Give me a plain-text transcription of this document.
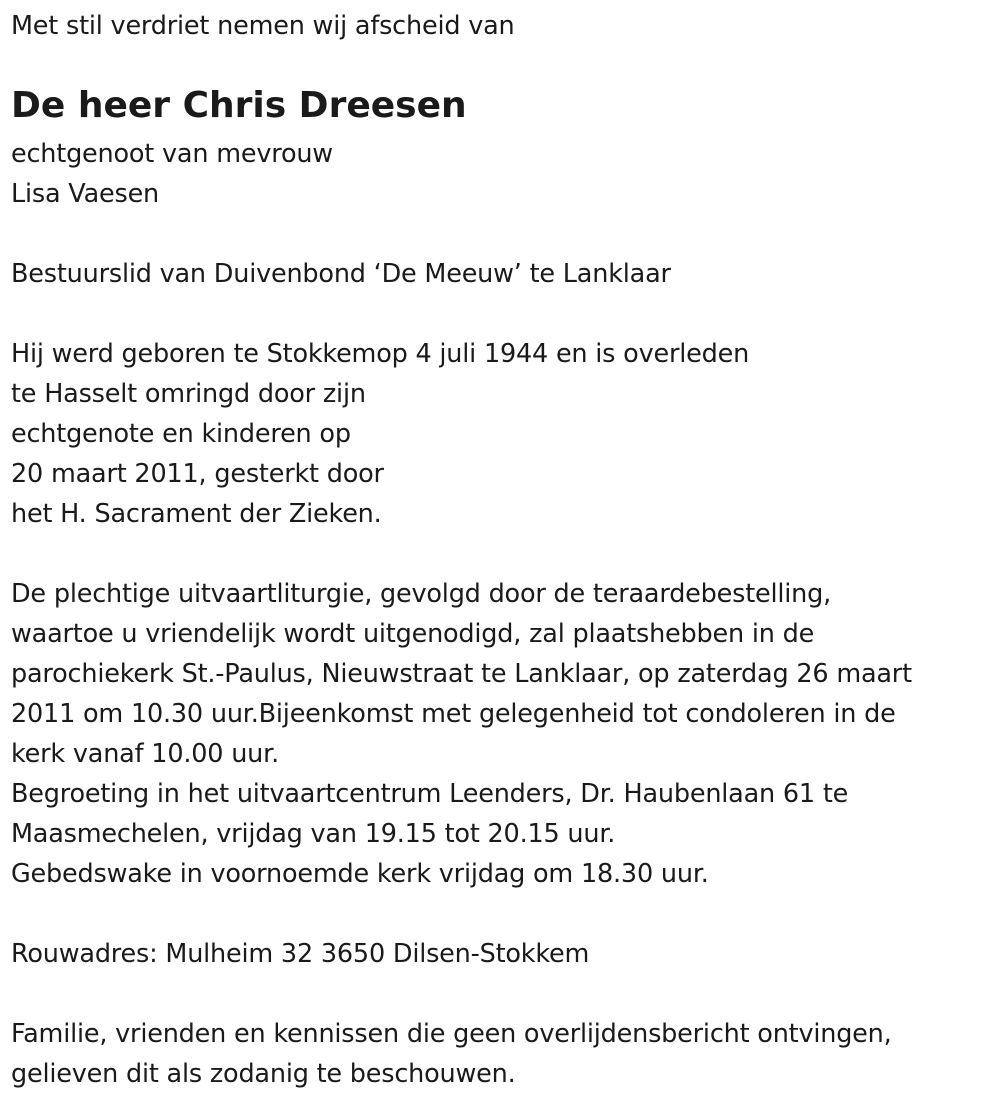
Met stil verdriet nemen wij afscheid van
De heer Chris Dreesen
echtgenoot van mevrouw
Lisa Vaesen
Bestuurslid van Duivenbond ‘De Meeuw’ te Lanklaar
Hij werd geboren te Stokkemop 4 juli 1944 en is overleden
te Hasselt omringd door zijn
echtgenote en kinderen op
20 maart 2011, gesterkt door
het H. Sacrament der Zieken.
De plechtige uitvaartliturgie, gevolgd door de teraardebestelling,
waartoe u vriendelijk wordt uitgenodigd, zal plaatshebben in de
parochiekerk St.-Paulus, Nieuwstraat te Lanklaar, op zaterdag 26 maart
2011 om 10.30 uur.Bijeenkomst met gelegenheid tot condoleren in de
kerk vanaf 10.00 uur.
Begroeting in het uitvaartcentrum Leenders, Dr. Haubenlaan 61 te
Maasmechelen, vrijdag van 19.15 tot 20.15 uur.
Gebedswake in voornoemde kerk vrijdag om 18.30 uur.
Rouwadres: Mulheim 32 3650 Dilsen-Stokkem
Familie, vrienden en kennissen die geen overlijdensbericht ontvingen,
gelieven dit als zodanig te beschouwen.
